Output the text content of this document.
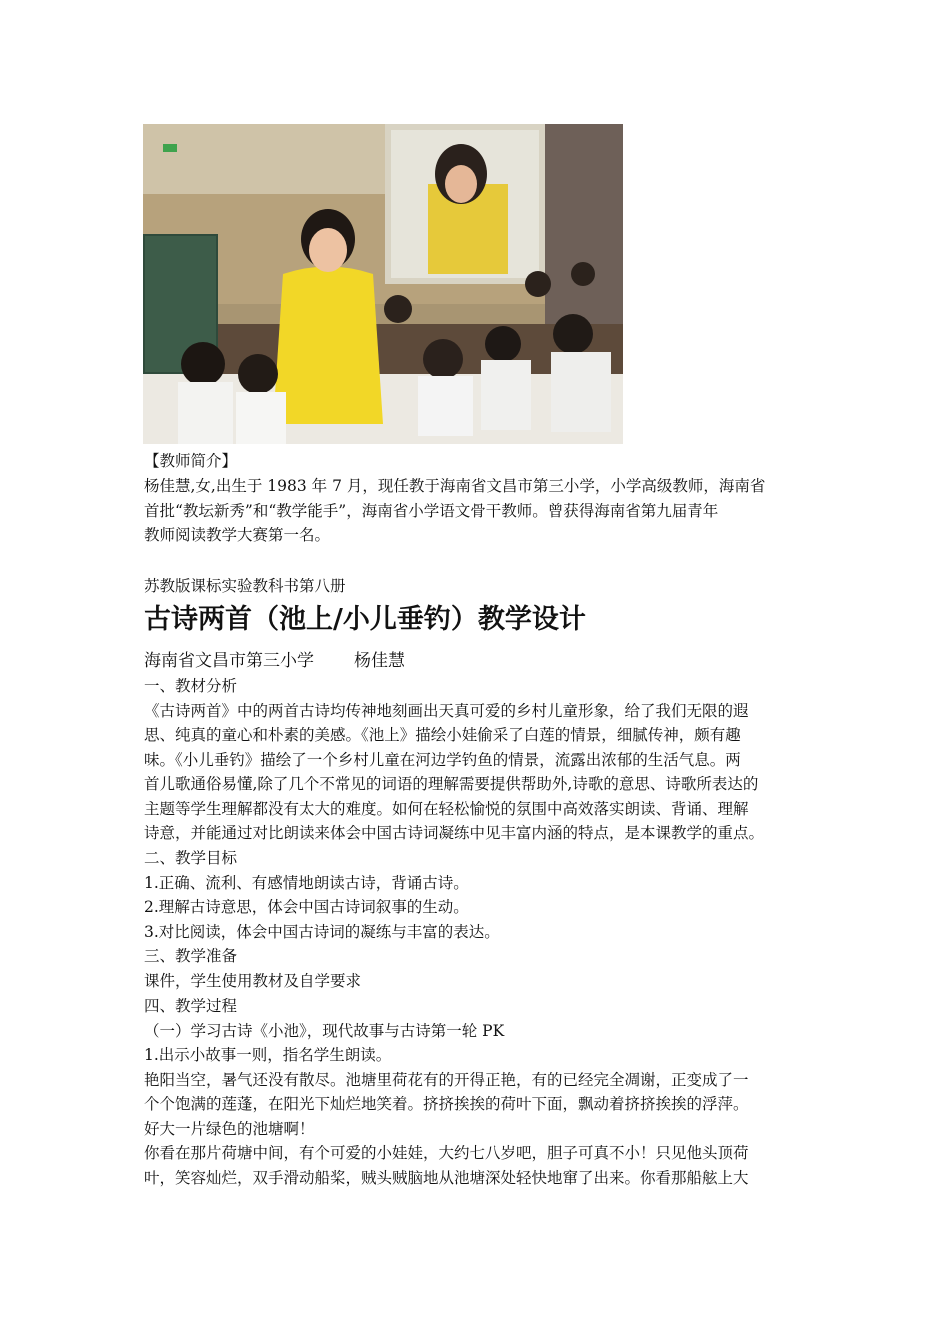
【教师简介】
杨佳慧,女,出生于 1983 年 7 月，现任教于海南省文昌市第三小学，小学高级教师，海南省
首批“教坛新秀”和“教学能手”，海南省小学语文骨干教师。曾获得海南省第九届青年
教师阅读教学大赛第一名。
苏教版课标实验教科书第八册
古诗两首（池上/小儿垂钓）教学设计
海南省文昌市第三小学 杨佳慧
一、教材分析
《古诗两首》中的两首古诗均传神地刻画出天真可爱的乡村儿童形象，给了我们无限的遐
思、纯真的童心和朴素的美感。《池上》描绘小娃偷采了白莲的情景，细腻传神，颇有趣
味。《小儿垂钓》描绘了一个乡村儿童在河边学钓鱼的情景，流露出浓郁的生活气息。两
首儿歌通俗易懂,除了几个不常见的词语的理解需要提供帮助外,诗歌的意思、诗歌所表达的
主题等学生理解都没有太大的难度。如何在轻松愉悦的氛围中高效落实朗读、背诵、理解
诗意，并能通过对比朗读来体会中国古诗词凝练中见丰富内涵的特点，是本课教学的重点。
二、教学目标
1.正确、流利、有感情地朗读古诗，背诵古诗。
2.理解古诗意思，体会中国古诗词叙事的生动。
3.对比阅读，体会中国古诗词的凝练与丰富的表达。
三、教学准备
课件，学生使用教材及自学要求
四、教学过程
（一）学习古诗《小池》，现代故事与古诗第一轮 PK
1.出示小故事一则，指名学生朗读。
艳阳当空，暑气还没有散尽。池塘里荷花有的开得正艳，有的已经完全凋谢，正变成了一
个个饱满的莲蓬，在阳光下灿烂地笑着。挤挤挨挨的荷叶下面，飘动着挤挤挨挨的浮萍。
好大一片绿色的池塘啊！
你看在那片荷塘中间，有个可爱的小娃娃，大约七八岁吧，胆子可真不小！只见他头顶荷
叶，笑容灿烂，双手滑动船桨，贼头贼脑地从池塘深处轻快地窜了出来。你看那船舷上大
